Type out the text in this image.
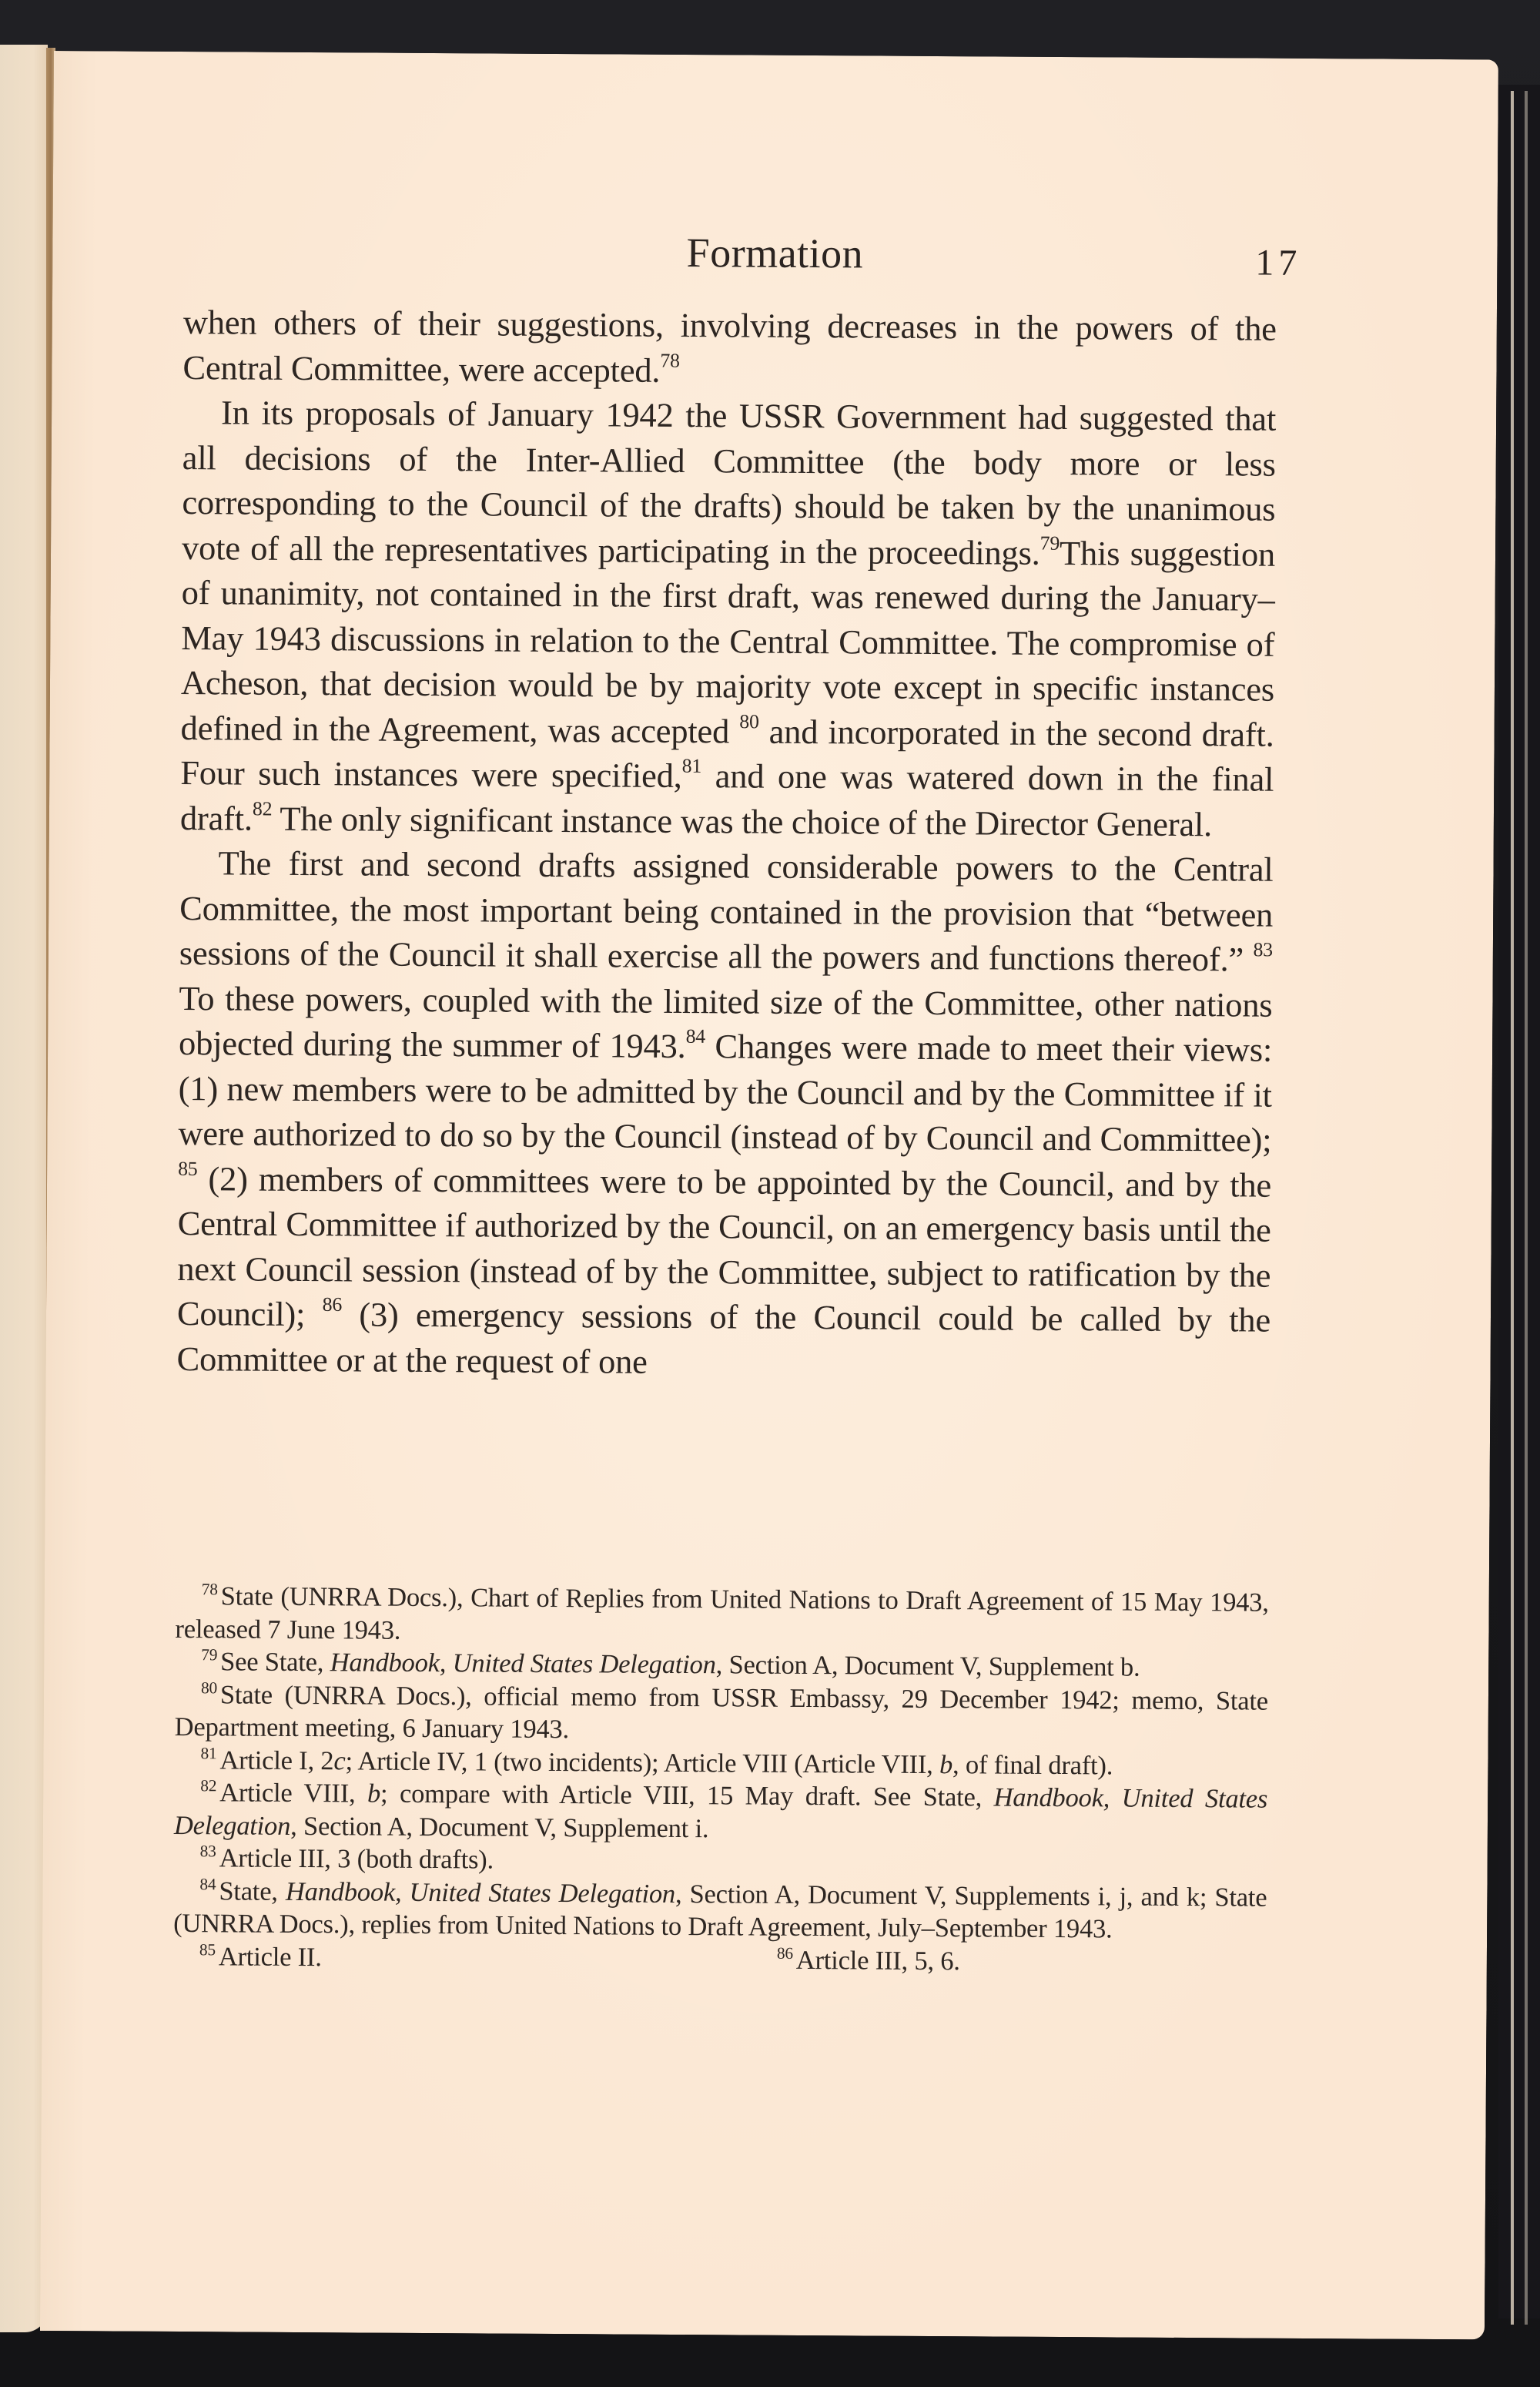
Formation	17

when others of their suggestions, involving decreases in the powers of the Central Committee, were accepted.$^{78}$

In its proposals of January 1942 the USSR Government had suggested that all decisions of the Inter-Allied Committee (the body more or less corresponding to the Council of the drafts) should be taken by the unanimous vote of all the representatives participating in the proceedings.$^{79}$This suggestion of unanimity, not contained in the first draft, was renewed during the January–May 1943 discussions in relation to the Central Committee. The compromise of Acheson, that decision would be by majority vote except in specific instances defined in the Agreement, was accepted $^{80}$ and incorporated in the second draft. Four such instances were specified,$^{81}$ and one was watered down in the final draft.$^{82}$ The only significant instance was the choice of the Director General.

The first and second drafts assigned considerable powers to the Central Committee, the most important being contained in the provision that “between sessions of the Council it shall exercise all the powers and functions thereof.” $^{83}$ To these powers, coupled with the limited size of the Committee, other nations objected during the summer of 1943.84 Changes were made to meet their views: (1) new members were to be admitted by the Council and by the Committee if it were authorized to do so by the Council (instead of by Council and Committee); $^{85}$ (2) members of committees were to be appointed by the Council, and by the Central Committee if authorized by the Council, on an emergency basis until the next Council session (instead of by the Committee, subject to ratification by the Council); $^{86}$ (3) emergency sessions of the Council could be called by the Committee or at the request of one

$^{78}$ State (UNRRA Docs.), Chart of Replies from United Nations to Draft Agreement of 15 May 1943, released 7 June 1943.

$^{79}$ See State, Handbook, United States Delegation, Section A, Document V, Supplement b.

$^{80}$ State (UNRRA Docs.), official memo from USSR Embassy, 29 December 1942; memo, State Department meeting, 6 January 1943.

$^{81}$ Article I, 2c; Article IV, 1 (two incidents); Article VIII (Article VIII, b, of final draft).

$^{82}$ Article VIII, b; compare with Article VIII, 15 May draft. See State, Handbook, United States Delegation, Section A, Document V, Supplement i.

$^{83}$ Article III, 3 (both drafts).

$^{84}$ State, Handbook, United States Delegation, Section A, Document V, Supplements i, j, and k; State (UNRRA Docs.), replies from United Nations to Draft Agreement, July–September 1943.

$^{85}$ Article II.	$^{86}$ Article III, 5, 6.
